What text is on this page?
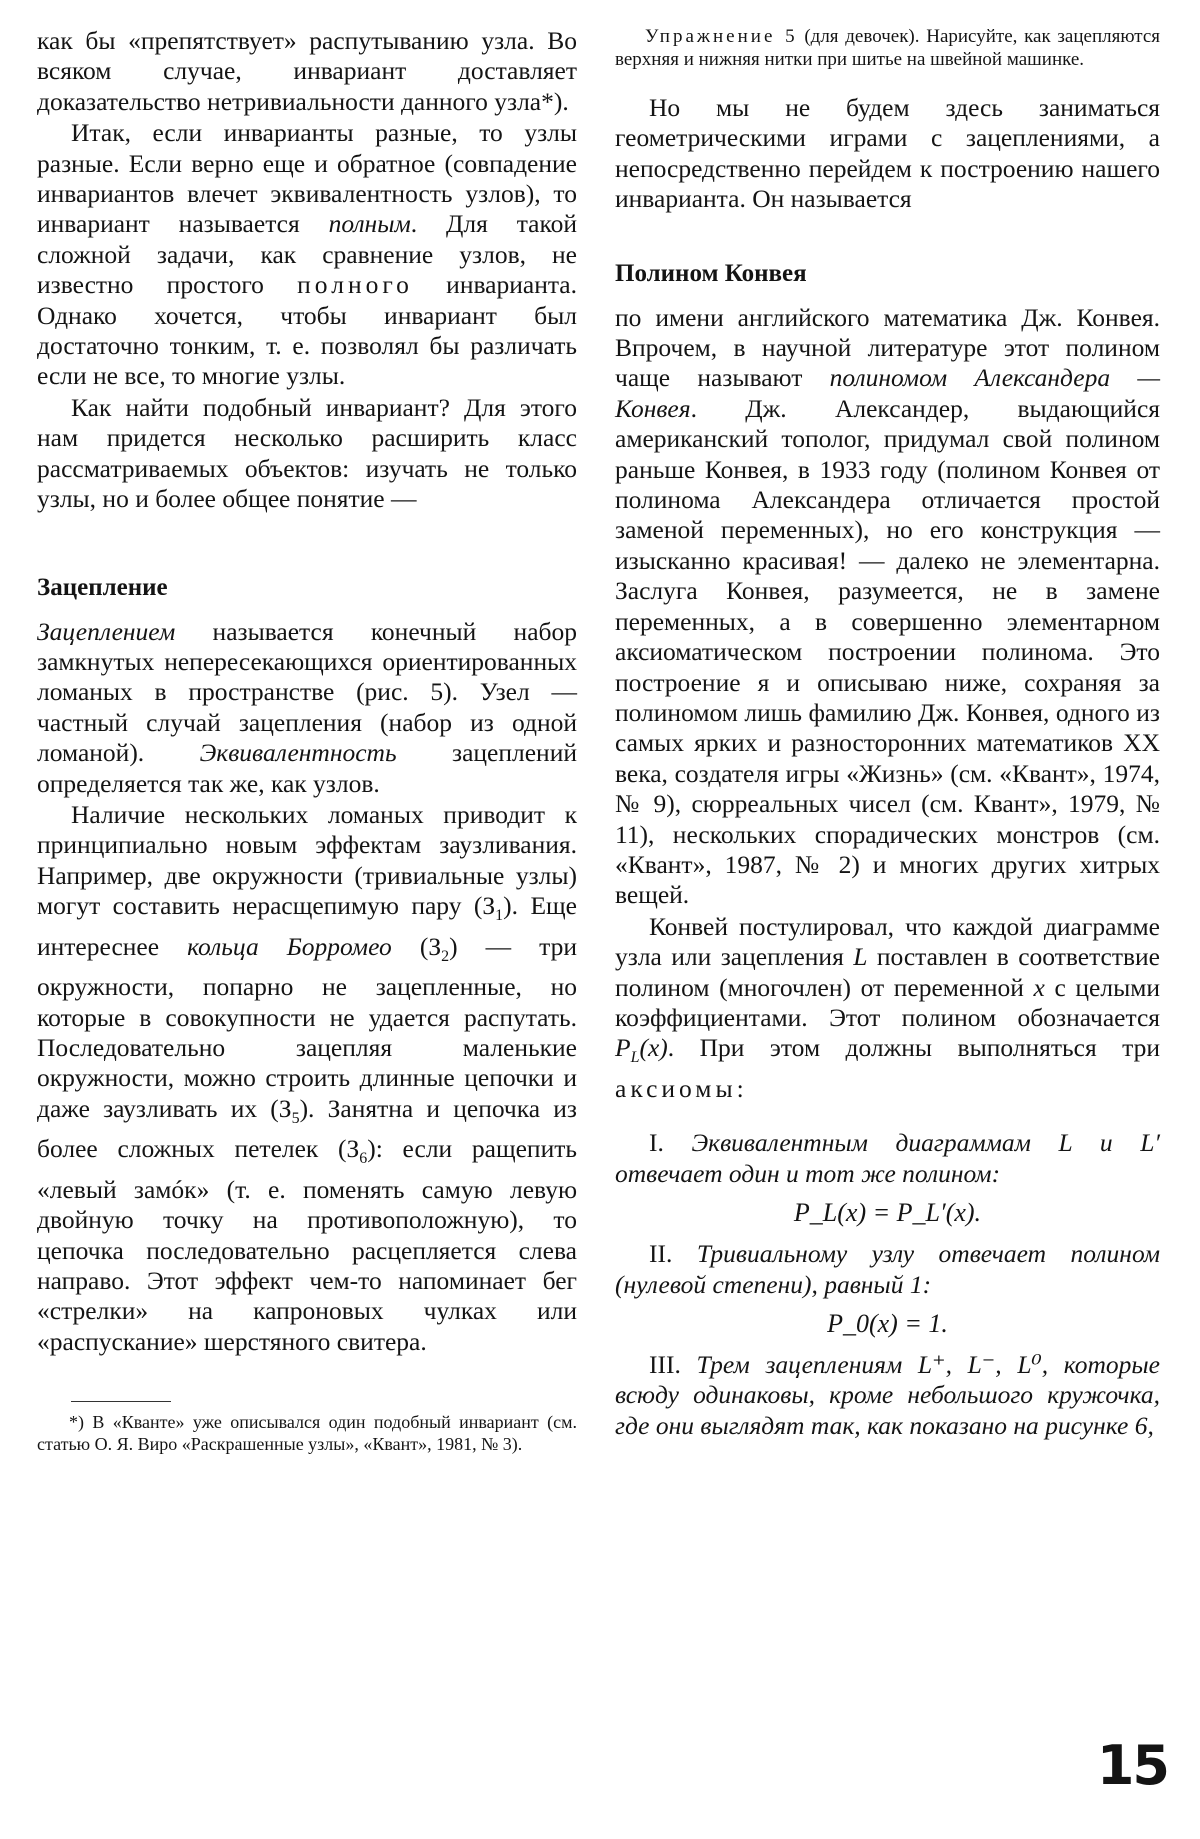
как бы «препятствует» распутыванию узла. Во всяком случае, инвариант доставляет доказательство нетривиальности данного узла*).

Итак, если инварианты разные, то узлы разные. Если верно еще и обратное (совпадение инвариантов влечет эквивалентность узлов), то инвариант называется полным. Для такой сложной задачи, как сравнение узлов, не известно простого полного инварианта. Однако хочется, чтобы инвариант был достаточно тонким, т. е. позволял бы различать если не все, то многие узлы.

Как найти подобный инвариант? Для этого нам придется несколько расширить класс рассматриваемых объектов: изучать не только узлы, но и более общее понятие —

Зацепление

Зацеплением называется конечный набор замкнутых непересекающихся ориентированных ломаных в пространстве (рис. 5). Узел — частный случай зацепления (набор из одной ломаной). Эквивалентность зацеплений определяется так же, как узлов.

Наличие нескольких ломаных приводит к принципиально новым эффектам заузливания. Например, две окружности (тривиальные узлы) могут составить нерасщепимую пару $(З_1)$. Еще интереснее кольца Борромео $(З_2)$ — три окружности, попарно не зацепленные, но которые в совокупности не удается распутать. Последовательно зацепляя маленькие окружности, можно строить длинные цепочки и даже заузливать их $(З_5)$. Занятна и цепочка из более сложных петелек $(З_6)$: если ращепить «левый замóк» (т. е. поменять самую левую двойную точку на противоположную), то цепочка последовательно расцепляется слева направо. Этот эффект чем-то напоминает бег «стрелки» на капроновых чулках или «распускание» шерстяного свитера.

*) В «Кванте» уже описывался один подобный инвариант (см. статью О. Я. Виро «Раскрашенные узлы», «Квант», 1981, № 3).

Упражнение 5 (для девочек). Нарисуйте, как зацепляются верхняя и нижняя нитки при шитье на швейной машинке.

Но мы не будем здесь заниматься геометрическими играми с зацеплениями, а непосредственно перейдем к построению нашего инварианта. Он называется

Полином Конвея

по имени английского математика Дж. Конвея. Впрочем, в научной литературе этот полином чаще называют полиномом Александера — Конвея. Дж. Александер, выдающийся американский тополог, придумал свой полином раньше Конвея, в 1933 году (полином Конвея от полинома Александера отличается простой заменой переменных), но его конструкция — изысканно красивая! — далеко не элементарна. Заслуга Конвея, разумеется, не в замене переменных, а в совершенно элементарном аксиоматическом построении полинома. Это построение я и описываю ниже, сохраняя за полиномом лишь фамилию Дж. Конвея, одного из самых ярких и разносторонних математиков XX века, создателя игры «Жизнь» (см. «Квант», 1974, № 9), сюрреальных чисел (см. Квант», 1979, № 11), нескольких спорадических монстров (см. «Квант», 1987, № 2) и многих других хитрых вещей.

Конвей постулировал, что каждой диаграмме узла или зацепления L поставлен в соответствие полином (многочлен) от переменной x с целыми коэффициентами. Этот полином обозначается $P_L(x)$. При этом должны выполняться три аксиомы:

I. Эквивалентным диаграммам L и L′ отвечает один и тот же полином:

P_L(x) = P_L′(x).

II. Тривиальному узлу отвечает полином (нулевой степени), равный 1:

P_0(x) = 1.

III. Трем зацеплениям L⁺, L⁻, L⁰, которые всюду одинаковы, кроме небольшого кружочка, где они выглядят так, как показано на рисунке 6,

15
